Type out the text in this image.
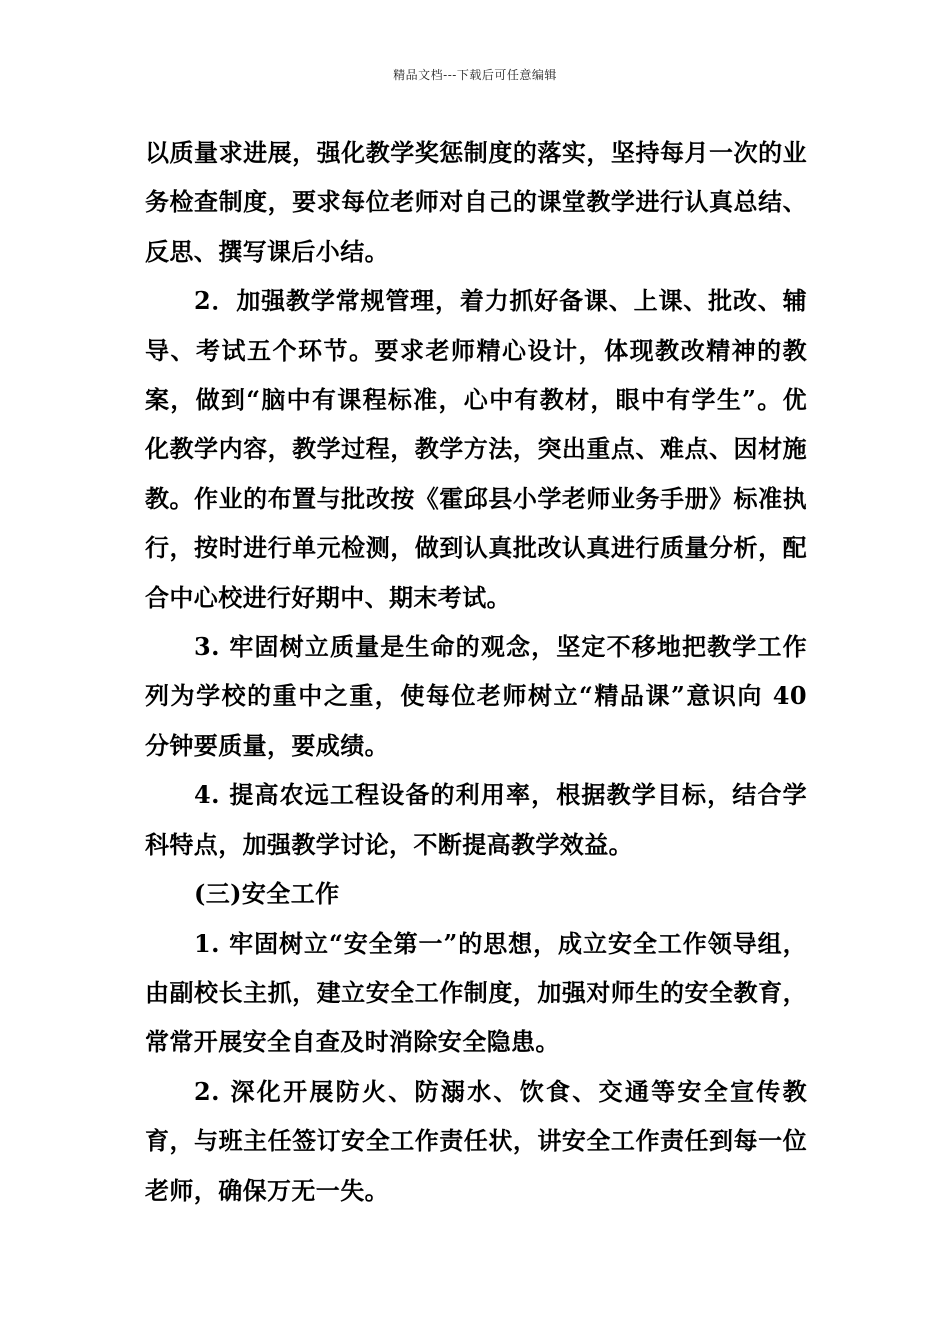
精品文档---下载后可任意编辑

以质量求进展，强化教学奖惩制度的落实，坚持每月一次的业务检查制度，要求每位老师对自己的课堂教学进行认真总结、反思、撰写课后小结。

2．加强教学常规管理，着力抓好备课、上课、批改、辅导、考试五个环节。要求老师精心设计，体现教改精神的教案，做到“脑中有课程标准，心中有教材，眼中有学生”。优化教学内容，教学过程，教学方法，突出重点、难点、因材施教。作业的布置与批改按《霍邱县小学老师业务手册》标准执行，按时进行单元检测，做到认真批改认真进行质量分析，配合中心校进行好期中、期末考试。

3. 牢固树立质量是生命的观念，坚定不移地把教学工作列为学校的重中之重，使每位老师树立“精品课”意识向 40 分钟要质量，要成绩。

4. 提高农远工程设备的利用率，根据教学目标，结合学科特点，加强教学讨论，不断提高教学效益。

(三)安全工作

1. 牢固树立“安全第一”的思想，成立安全工作领导组，由副校长主抓，建立安全工作制度，加强对师生的安全教育，常常开展安全自查及时消除安全隐患。

2. 深化开展防火、防溺水、饮食、交通等安全宣传教育，与班主任签订安全工作责任状，讲安全工作责任到每一位老师，确保万无一失。
